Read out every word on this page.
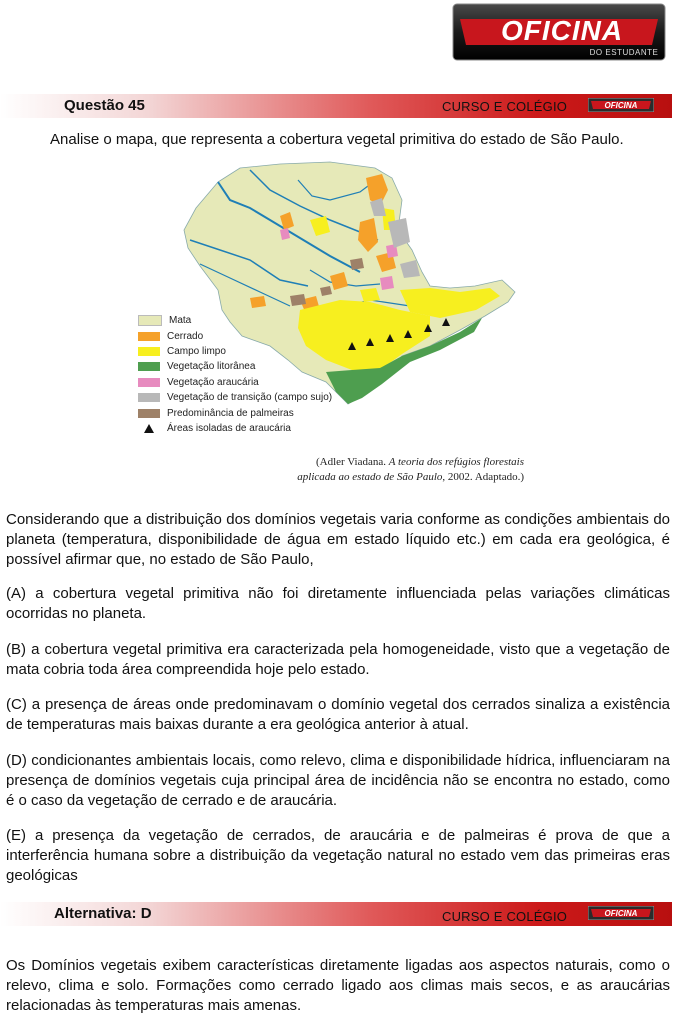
OFICINA
DO ESTUDANTE
Questão 45	CURSO E COLÉGIO	OFICINA

Analise o mapa, que representa a cobertura vegetal primitiva do estado de São Paulo.

Mata
Cerrado
Campo limpo
Vegetação litorânea
Vegetação araucária
Vegetação de transição (campo sujo)
Predominância de palmeiras
Áreas isoladas de araucária
(Adler Viadana. A teoria dos refúgios florestais
aplicada ao estado de São Paulo, 2002. Adaptado.)

Considerando que a distribuição dos domínios vegetais varia conforme as condições ambientais do planeta (temperatura, disponibilidade de água em estado líquido etc.) em cada era geológica, é possível afirmar que, no estado de São Paulo,

(A) a cobertura vegetal primitiva não foi diretamente influenciada pelas variações climáticas ocorridas no planeta.

(B) a cobertura vegetal primitiva era caracterizada pela homogeneidade, visto que a vegetação de mata cobria toda área compreendida hoje pelo estado.

(C) a presença de áreas onde predominavam o domínio vegetal dos cerrados sinaliza a existência de temperaturas mais baixas durante a era geológica anterior à atual.

(D) condicionantes ambientais locais, como relevo, clima e disponibilidade hídrica, influenciaram na presença de domínios vegetais cuja principal área de incidência não se encontra no estado, como é o caso da vegetação de cerrado e de araucária.

(E) a presença da vegetação de cerrados, de araucária e de palmeiras é prova de que a interferência humana sobre a distribuição da vegetação natural no estado vem das primeiras eras geológicas

Alternativa: D	CURSO E COLÉGIO	OFICINA

Os Domínios vegetais exibem características diretamente ligadas aos aspectos naturais, como o relevo, clima e solo. Formações como cerrado ligado aos climas mais secos, e as araucárias relacionadas às temperaturas mais amenas.
